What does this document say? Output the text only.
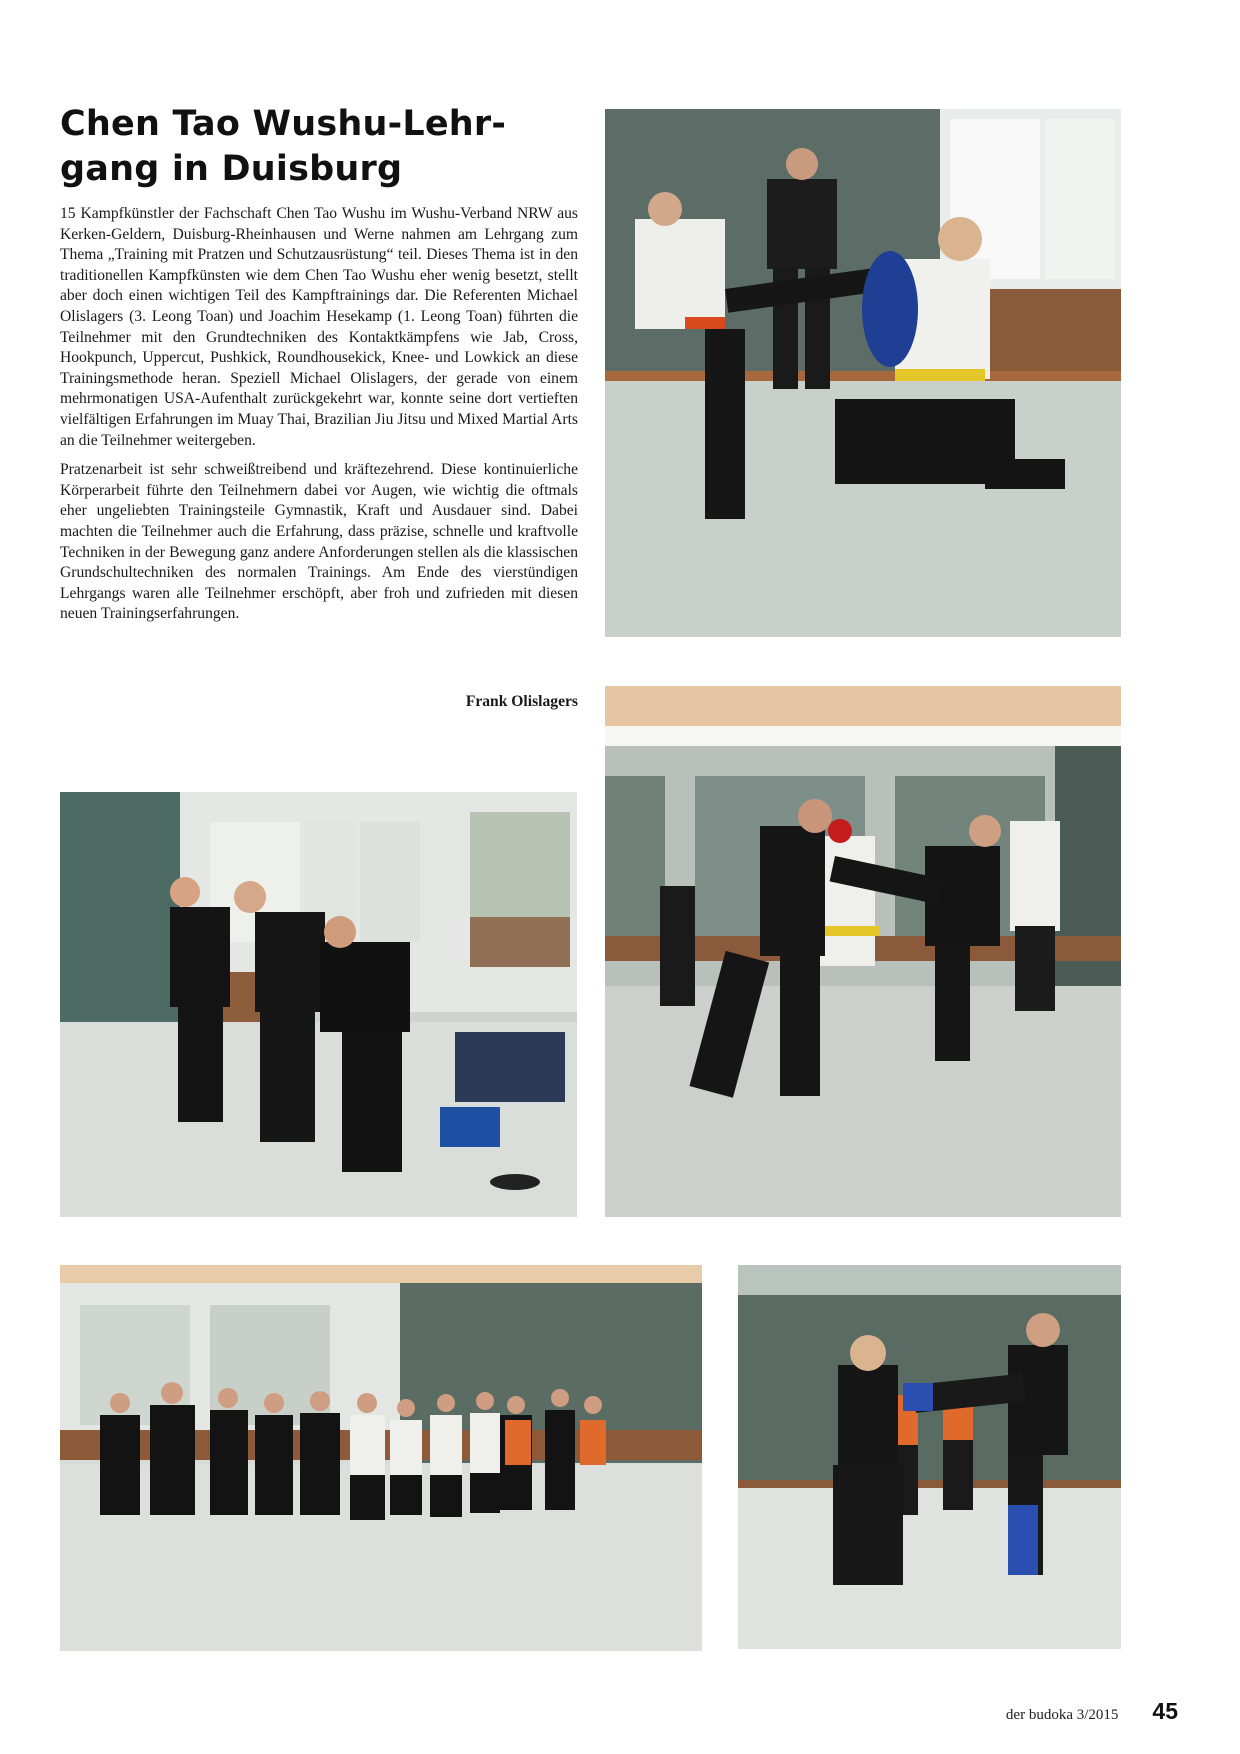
Chen Tao Wushu-Lehr-
gang in Duisburg

15 Kampfkünstler der Fachschaft Chen Tao Wushu im Wushu-Verband NRW aus Kerken-Geldern, Duisburg-Rheinhausen und Werne nahmen am Lehrgang zum Thema „Training mit Pratzen und Schutzausrüstung“ teil. Dieses Thema ist in den traditionellen Kampfkünsten wie dem Chen Tao Wushu eher wenig besetzt, stellt aber doch einen wichtigen Teil des Kampftrainings dar. Die Referenten Michael Olislagers (3. Leong Toan) und Joachim Hesekamp (1. Leong Toan) führten die Teilnehmer mit den Grundtechniken des Kontaktkämpfens wie Jab, Cross, Hookpunch, Uppercut, Pushkick, Roundhousekick, Knee- und Lowkick an diese Trainingsmethode heran. Speziell Michael Olislagers, der gerade von einem mehrmonatigen USA-Aufenthalt zurückgekehrt war, konnte seine dort vertieften vielfältigen Erfahrungen im Muay Thai, Brazilian Jiu Jitsu und Mixed Martial Arts an die Teilnehmer weitergeben.

Pratzenarbeit ist sehr schweißtreibend und kräftezehrend. Diese kontinuierliche Körperarbeit führte den Teilnehmern dabei vor Augen, wie wichtig die oftmals eher ungeliebten Trainingsteile Gymnastik, Kraft und Ausdauer sind. Dabei machten die Teilnehmer auch die Erfahrung, dass präzise, schnelle und kraftvolle Techniken in der Bewegung ganz andere Anforderungen stellen als die klassischen Grundschultechniken des normalen Trainings. Am Ende des vierstündigen Lehrgangs waren alle Teilnehmer erschöpft, aber froh und zufrieden mit diesen neuen Trainingserfahrungen.

Frank Olislagers
der budoka 3/2015 45
